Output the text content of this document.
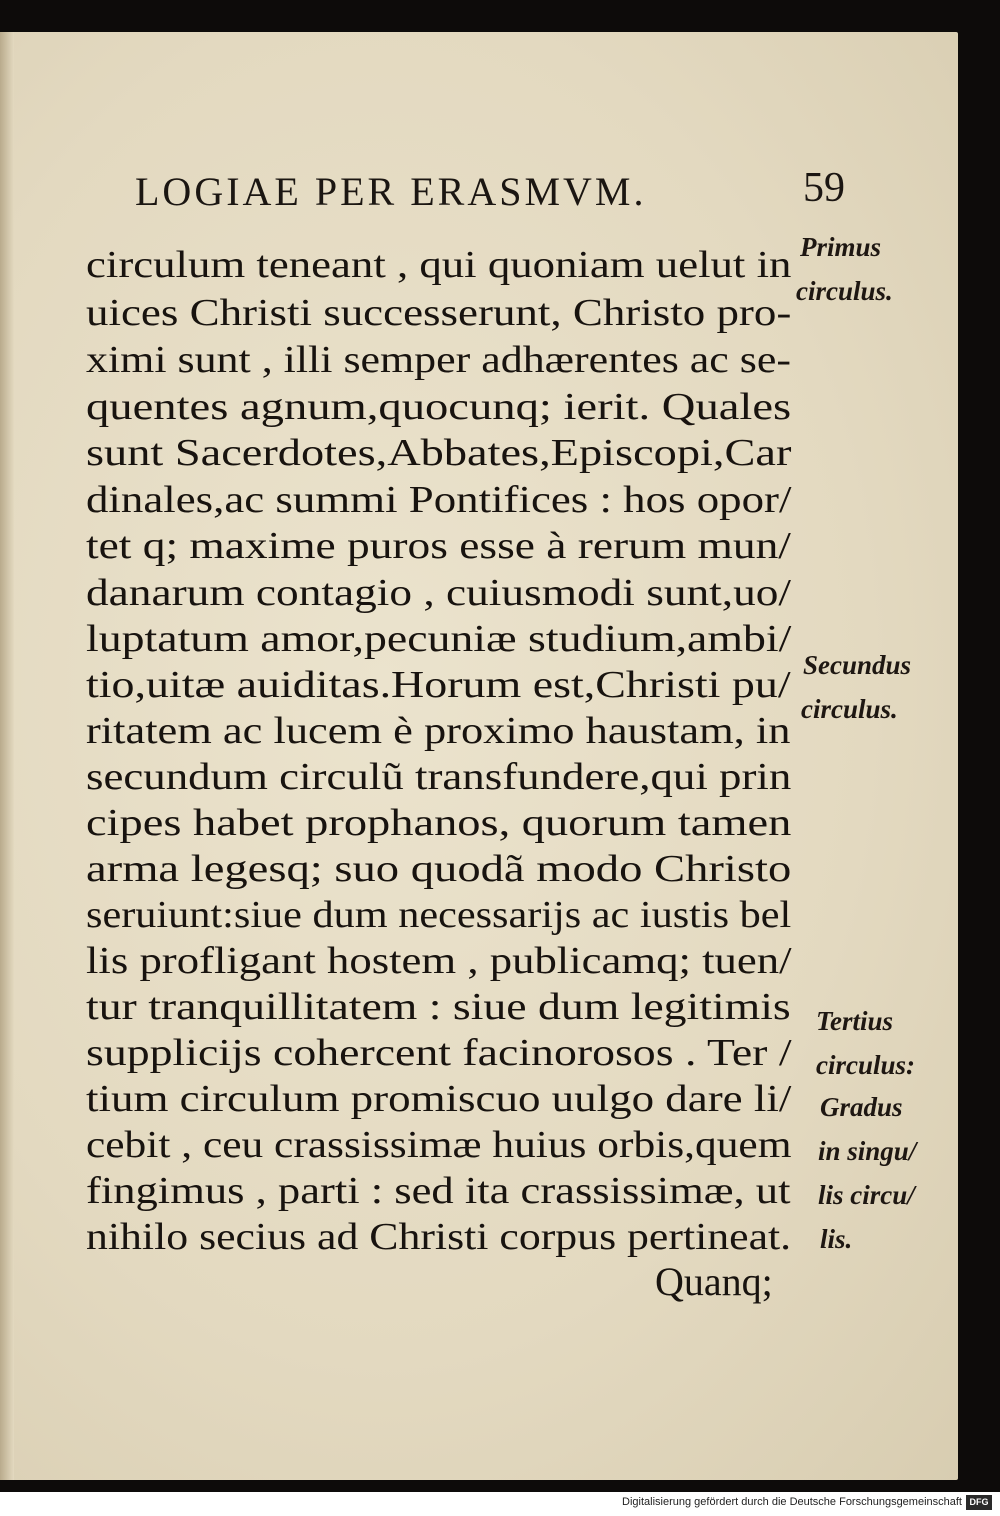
LOGIAE PER ERASMVM.	59
circulum teneant , qui quoniam uelut in
uices Christi successerunt, Christo pro-
ximi sunt , illi semper adhærentes ac se-
quentes agnum,quocunq; ierit. Quales
sunt Sacerdotes,Abbates,Episcopi,Car
dinales,ac summi Pontifices : hos opor/
tet q; maxime puros esse à rerum mun/
danarum contagio , cuiusmodi sunt,uo/
luptatum amor,pecuniæ studium,ambi/
tio,uitæ auiditas.Horum est,Christi pu/
ritatem ac lucem è proximo haustam, in
secundum circulũ transfundere,qui prin
cipes habet prophanos, quorum tamen
arma legesq; suo quodã modo Christo
seruiunt:siue dum necessarijs ac iustis bel
lis profligant hostem , publicamq; tuen/
tur tranquillitatem : siue dum legitimis
supplicijs cohercent facinorosos . Ter /
tium circulum promiscuo uulgo dare li/
cebit , ceu crassissimæ huius orbis,quem
fingimus , parti : sed ita crassissimæ, ut
nihilo secius ad Christi corpus pertineat.
Quanq;
Primus
circulus.
Secundus
circulus.
Tertius
circulus:
Gradus
in singu/
lis circu/
lis.
Digitalisierung gefördert durch die Deutsche Forschungsgemeinschaft DFG
